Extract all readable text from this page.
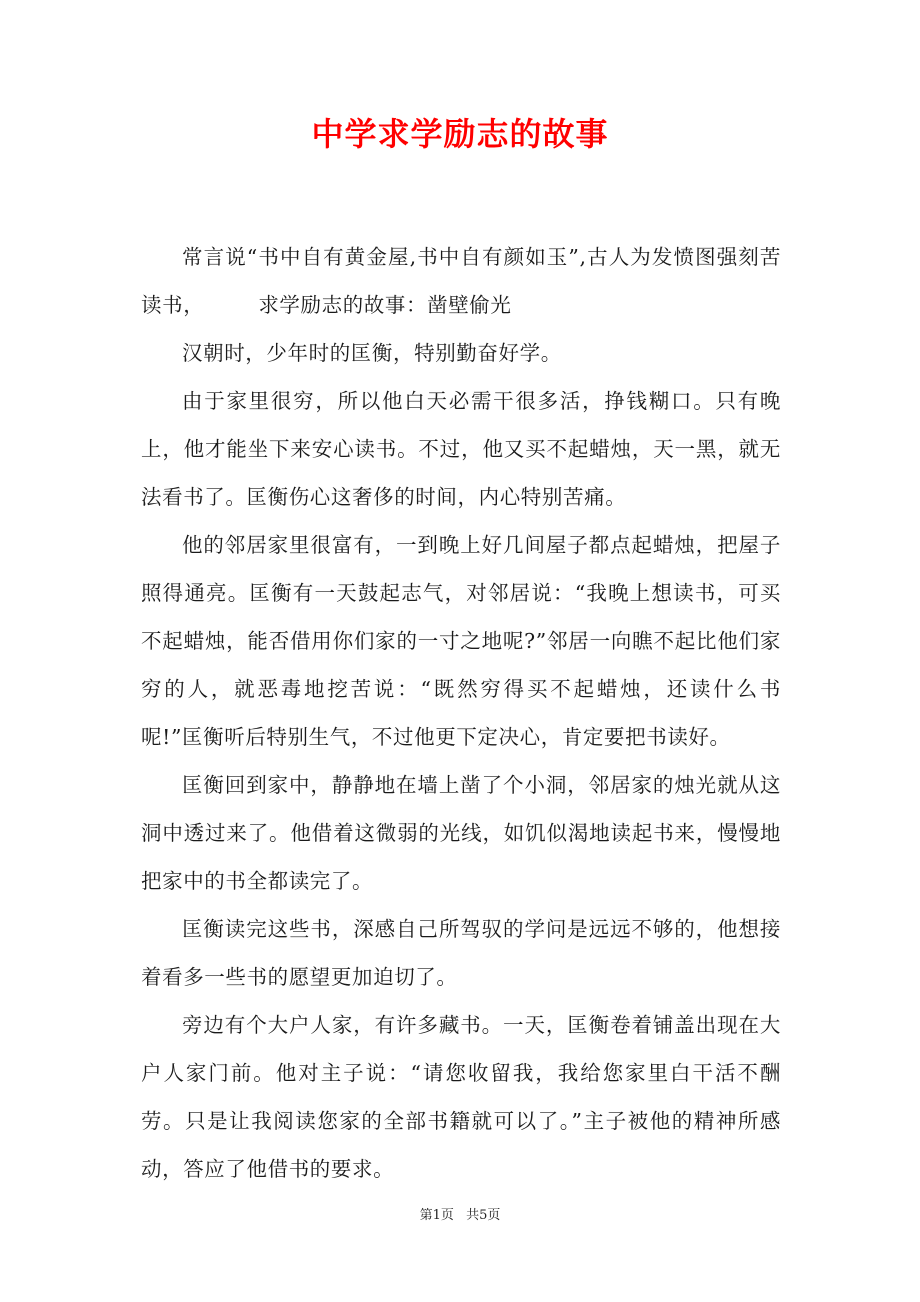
中学求学励志的故事

常言说“书中自有黄金屋,书中自有颜如玉”,古人为发愤图强刻苦读书，	求学励志的故事：凿壁偷光

汉朝时，少年时的匡衡，特别勤奋好学。

由于家里很穷，所以他白天必需干很多活，挣钱糊口。只有晚上，他才能坐下来安心读书。不过，他又买不起蜡烛，天一黑，就无法看书了。匡衡伤心这奢侈的时间，内心特别苦痛。

他的邻居家里很富有，一到晚上好几间屋子都点起蜡烛，把屋子照得通亮。匡衡有一天鼓起志气，对邻居说：“我晚上想读书，可买不起蜡烛，能否借用你们家的一寸之地呢?”邻居一向瞧不起比他们家穷的人，就恶毒地挖苦说：“既然穷得买不起蜡烛，还读什么书呢!”匡衡听后特别生气，不过他更下定决心，肯定要把书读好。

匡衡回到家中，静静地在墙上凿了个小洞，邻居家的烛光就从这洞中透过来了。他借着这微弱的光线，如饥似渴地读起书来，慢慢地把家中的书全都读完了。

匡衡读完这些书，深感自己所驾驭的学问是远远不够的，他想接着看多一些书的愿望更加迫切了。

旁边有个大户人家，有许多藏书。一天，匡衡卷着铺盖出现在大户人家门前。他对主子说：“请您收留我，我给您家里白干活不酬劳。只是让我阅读您家的全部书籍就可以了。”主子被他的精神所感动，答应了他借书的要求。

第1页 共5页
